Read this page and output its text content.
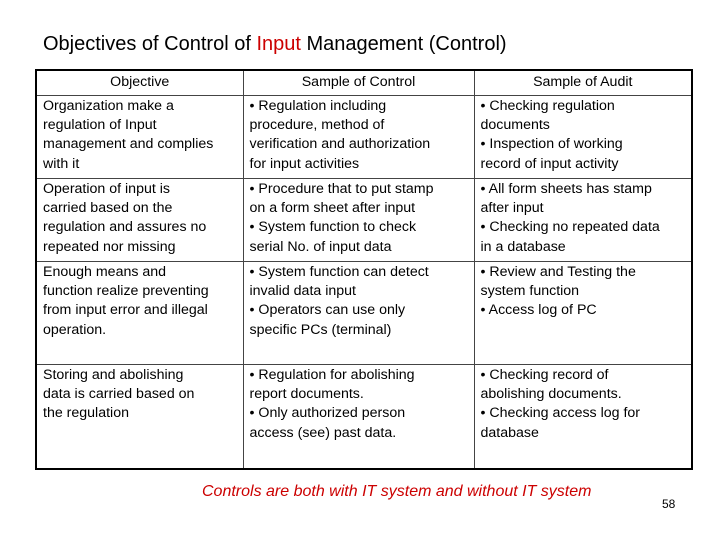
Objectives of Control of Input Management (Control)
Objective	Sample of Control	Sample of Audit

Organization make a
regulation of Input
management and complies
with it	• Regulation including
procedure, method of
verification and authorization
for input activities	• Checking regulation
documents
• Inspection of working
record of input activity

Operation of input is
carried based on the
regulation and assures no
repeated nor missing	• Procedure that to put stamp
on a form sheet after input
• System function to check
serial No. of input data	• All form sheets has stamp
after input
• Checking no repeated data
in a database

Enough means and
function realize preventing
from input error and illegal
operation.	• System function can detect
invalid data input
• Operators can use only
specific PCs (terminal)	• Review and Testing the
system function
• Access log of PC

Storing and abolishing
data is carried based on
the regulation	• Regulation for abolishing
report documents.
• Only authorized person
access (see) past data.	• Checking record of
abolishing documents.
• Checking access log for
database
Controls are both with IT system and without IT system
58
